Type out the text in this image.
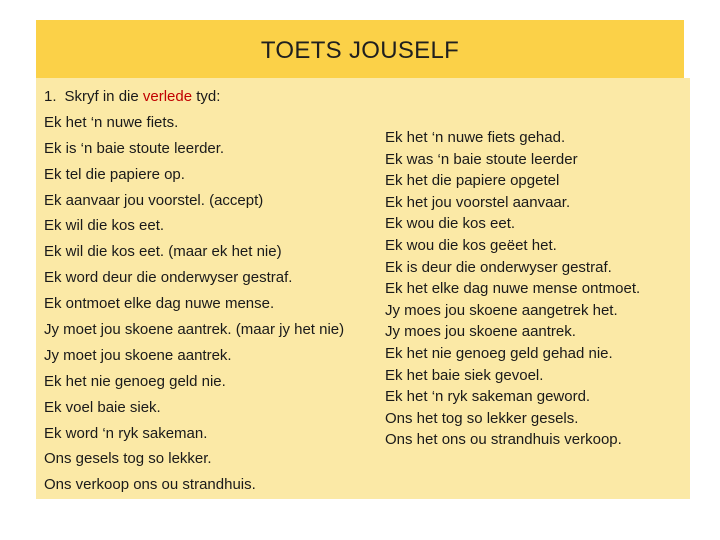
TOETS JOUSELF
1. Skryf in die verlede tyd:
Ek het ‘n nuwe fiets.
Ek is ‘n baie stoute leerder.
Ek tel die papiere op.
Ek aanvaar jou voorstel. (accept)
Ek wil die kos eet.
Ek wil die kos eet. (maar ek het nie)
Ek word deur die onderwyser gestraf.
Ek ontmoet elke dag nuwe mense.
Jy moet jou skoene aantrek. (maar jy het nie)
Jy moet jou skoene aantrek.
Ek het nie genoeg geld nie.
Ek voel baie siek.
Ek word ‘n ryk sakeman.
Ons gesels tog so lekker.
Ons verkoop ons ou strandhuis.
Ek het ‘n nuwe fiets gehad.
Ek was ‘n baie stoute leerder
Ek het die papiere opgetel
Ek het jou voorstel aanvaar.
Ek wou die kos eet.
Ek wou die kos geëet het.
Ek is deur die onderwyser gestraf.
Ek het elke dag nuwe mense ontmoet.
Jy moes jou skoene aangetrek het.
Jy moes jou skoene aantrek.
Ek het nie genoeg geld gehad nie.
Ek het baie siek gevoel.
Ek het ‘n ryk sakeman geword.
Ons het tog so lekker gesels.
Ons het ons ou strandhuis verkoop.
